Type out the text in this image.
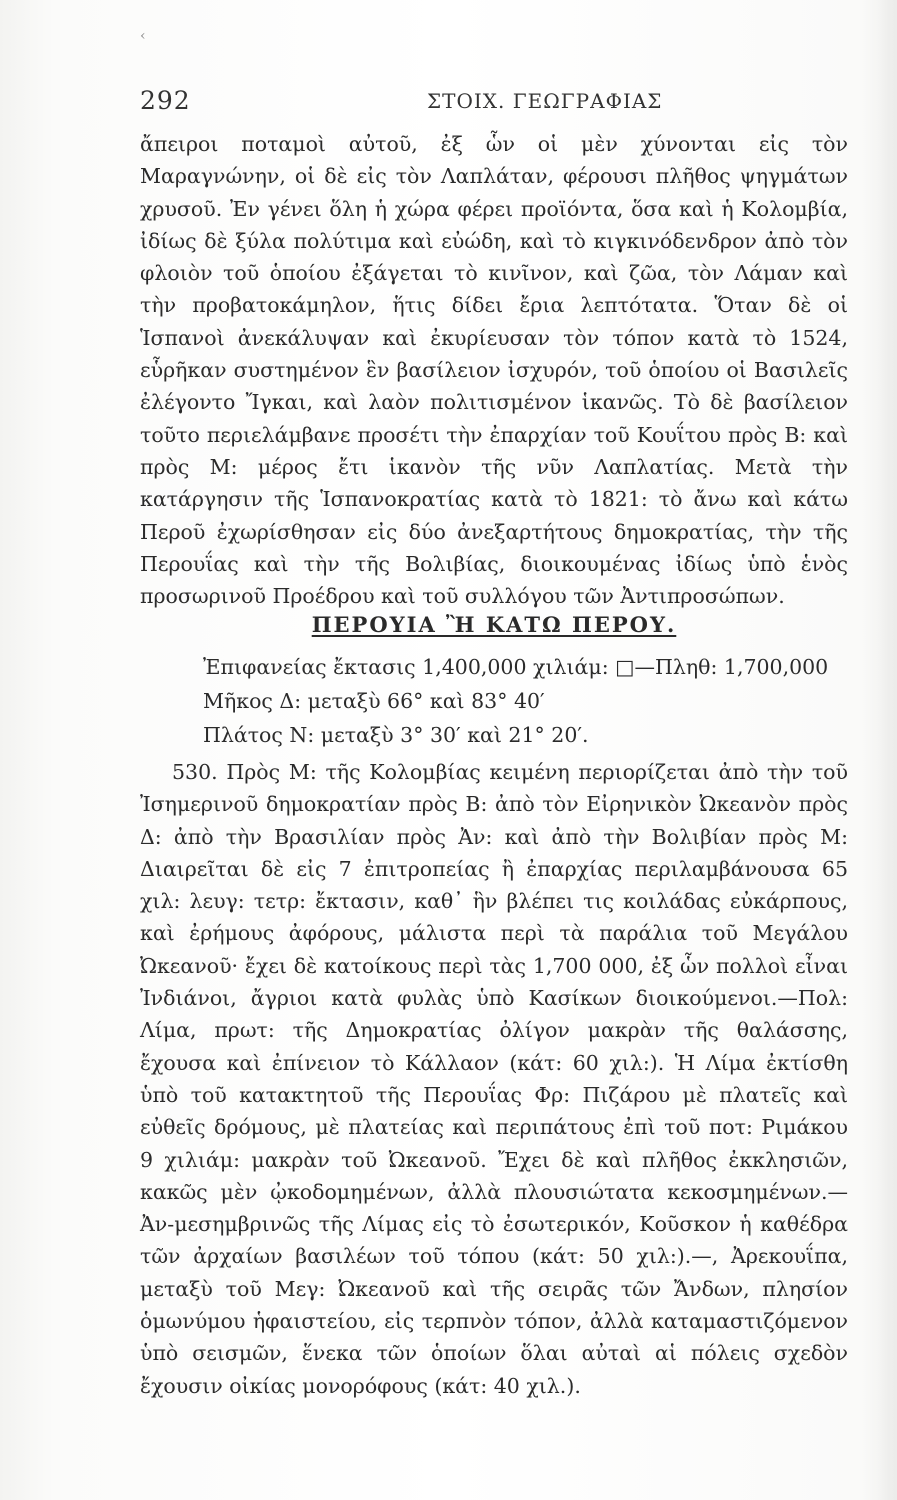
‹
292	ΣΤΟΙΧ. ΓΕΩΓΡΑΦΙΑΣ
ἄπειροι ποταμοὶ αὐτοῦ, ἐξ ὧν οἱ μὲν χύνονται εἰς τὸν Μαραγνώνην, οἱ δὲ εἰς τὸν Λαπλάταν, φέρουσι πλῆθος ψηγμάτων χρυσοῦ. Ἐν γένει ὅλη ἡ χώρα φέρει προϊόντα, ὅσα καὶ ἡ Κολομβία, ἰδίως δὲ ξύλα πολύτιμα καὶ εὐώδη, καὶ τὸ κιγκινόδενδρον ἀπὸ τὸν φλοιὸν τοῦ ὁποίου ἐξάγεται τὸ κινῖνον, καὶ ζῶα, τὸν Λάμαν καὶ τὴν προβατοκάμηλον, ἥτις δίδει ἔρια λεπτότατα. Ὅταν δὲ οἱ Ἱσπανοὶ ἀνεκάλυψαν καὶ ἐκυρίευσαν τὸν τόπον κατὰ τὸ 1524, εὗρῆκαν συστημένον ἓν βασίλειον ἰσχυρόν, τοῦ ὁποίου οἱ Βασιλεῖς ἐλέγοντο Ἴγκαι, καὶ λαὸν πολιτισμένον ἱκανῶς. Τὸ δὲ βασίλειον τοῦτο περιελάμβανε προσέτι τὴν ἐπαρχίαν τοῦ Κουΐτου πρὸς Β: καὶ πρὸς Μ: μέρος ἔτι ἱκανὸν τῆς νῦν Λαπλατίας. Μετὰ τὴν κατάργησιν τῆς Ἱσπανοκρατίας κατὰ τὸ 1821: τὸ ἄνω καὶ κάτω Περοῦ ἐχωρίσθησαν εἰς δύο ἀνεξαρτήτους δημοκρατίας, τὴν τῆς Περουΐας καὶ τὴν τῆς Βολιβίας, διοικουμένας ἰδίως ὑπὸ ἑνὸς προσωρινοῦ Προέδρου καὶ τοῦ συλλόγου τῶν Ἀντιπροσώπων.
ΠΕΡΟΥΙΑ Ἢ ΚΑΤΩ ΠΕΡΟΥ.
Ἐπιφανείας ἔκτασις 1,400,000 χιλιάμ: □—Πληθ: 1,700,000
Μῆκος Δ: μεταξὺ 66° καὶ 83° 40′
Πλάτος Ν: μεταξὺ 3° 30′ καὶ 21° 20′.
530. Πρὸς Μ: τῆς Κολομβίας κειμένη περιορίζεται ἀπὸ τὴν τοῦ Ἰσημερινοῦ δημοκρατίαν πρὸς Β: ἀπὸ τὸν Εἰρηνικὸν Ὠκεανὸν πρὸς Δ: ἀπὸ τὴν Βρασιλίαν πρὸς Ἀν: καὶ ἀπὸ τὴν Βολιβίαν πρὸς Μ: Διαιρεῖται δὲ εἰς 7 ἐπιτροπείας ἢ ἐπαρχίας περιλαμβάνουσα 65 χιλ: λευγ: τετρ: ἔκτασιν, καθ᾽ ἣν βλέπει τις κοιλάδας εὐκάρπους, καὶ ἐρήμους ἀφόρους, μάλιστα περὶ τὰ παράλια τοῦ Μεγάλου Ὠκεανοῦ· ἔχει δὲ κατοίκους περὶ τὰς 1,700 000, ἐξ ὧν πολλοὶ εἶναι Ἰνδιάνοι, ἄγριοι κατὰ φυλὰς ὑπὸ Κασίκων διοικούμενοι.—Πολ: Λίμα, πρωτ: τῆς Δημοκρατίας ὀλίγον μακρὰν τῆς θαλάσσης, ἔχουσα καὶ ἐπίνειον τὸ Κάλλαον (κάτ: 60 χιλ:). Ἡ Λίμα ἐκτίσθη ὑπὸ τοῦ κατακτητοῦ τῆς Περουΐας Φρ: Πιζάρου μὲ πλατεῖς καὶ εὐθεῖς δρόμους, μὲ πλατείας καὶ περιπάτους ἐπὶ τοῦ ποτ: Ριμάκου 9 χιλιάμ: μακρὰν τοῦ Ὠκεανοῦ. Ἔχει δὲ καὶ πλῆθος ἐκκλησιῶν, κακῶς μὲν ᾠκοδομημένων, ἀλλὰ πλουσιώτατα κεκοσμημένων.—Ἀν-μεσημβρινῶς τῆς Λίμας εἰς τὸ ἐσωτερικόν, Κοῦσκον ἡ καθέδρα τῶν ἀρχαίων βασιλέων τοῦ τόπου (κάτ: 50 χιλ:).—, Ἀρεκουΐπα, μεταξὺ τοῦ Μεγ: Ὠκεανοῦ καὶ τῆς σειρᾶς τῶν Ἄνδων, πλησίον ὁμωνύμου ἡφαιστείου, εἰς τερπνὸν τόπον, ἀλλὰ καταμαστιζόμενον ὑπὸ σεισμῶν, ἕνεκα τῶν ὁποίων ὅλαι αὐταὶ αἱ πόλεις σχεδὸν ἔχουσιν οἰκίας μονορόφους (κάτ: 40 χιλ.).
